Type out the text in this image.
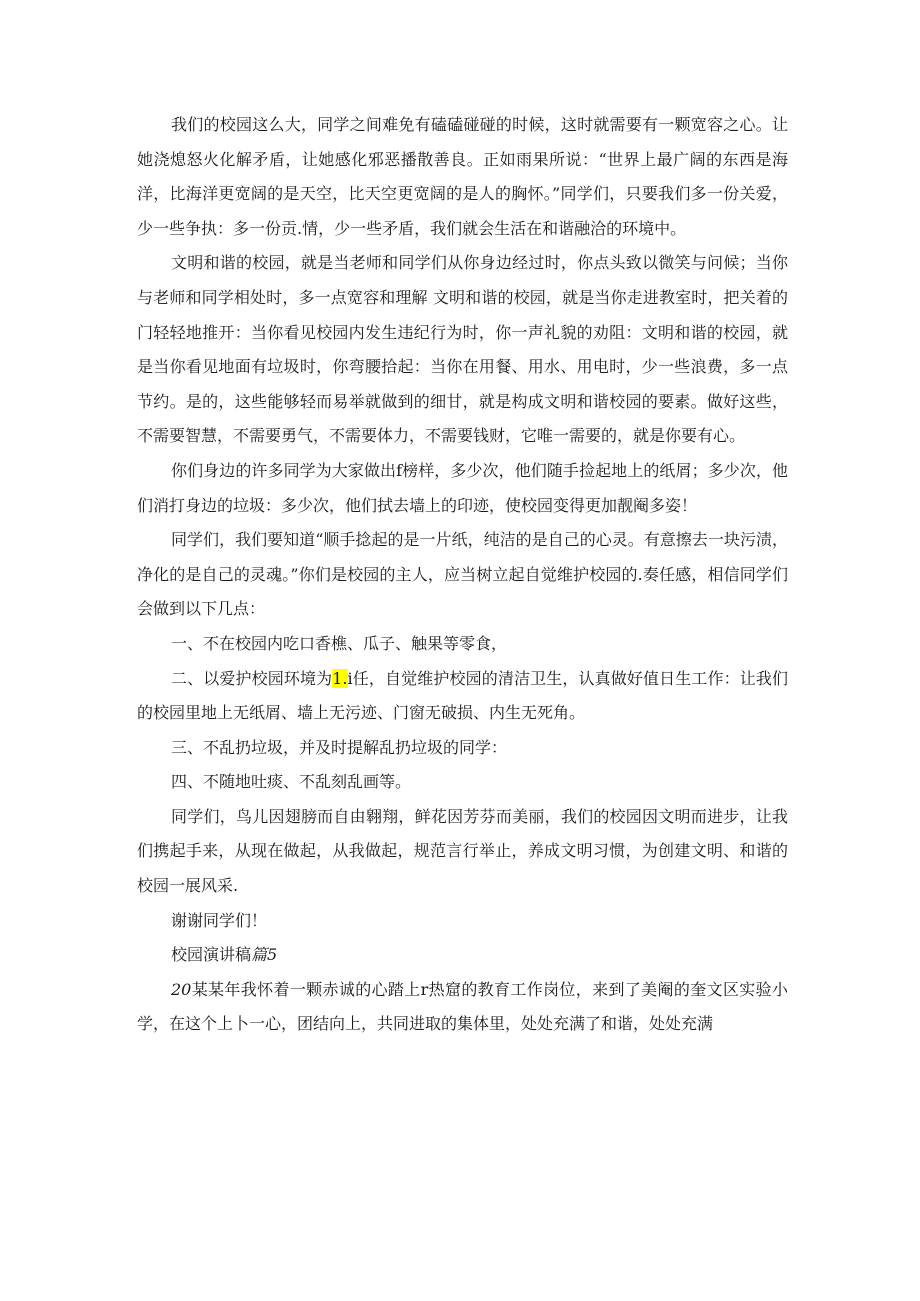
我们的校园这么大，同学之间难免有磕磕碰碰的时候，这时就需要有一颗宽容之心。让她浇熄怒火化解矛盾，让她感化邪恶播散善良。正如雨果所说：“世界上最广阔的东西是海洋，比海洋更宽阔的是天空，比天空更宽阔的是人的胸怀。”同学们，只要我们多一份关爱，少一些争执：多一份贡.情，少一些矛盾，我们就会生活在和谐融洽的环境中。

文明和谐的校园，就是当老师和同学们从你身边经过时，你点头致以微笑与问候；当你与老师和同学相处时，多一点宽容和理解 文明和谐的校园，就是当你走进教室时，把关着的门轻轻地推开：当你看见校园内发生违纪行为时，你一声礼貌的劝阻：文明和谐的校园，就是当你看见地面有垃圾时，你弯腰拾起：当你在用餐、用水、用电时，少一些浪费，多一点节约。是的，这些能够轻而易举就做到的细甘，就是构成文明和谐校园的要素。做好这些，不需要智慧，不需要勇气，不需要体力，不需要钱财，它唯一需要的，就是你要有心。

你们身边的许多同学为大家做出f榜样，多少次，他们随手捡起地上的纸屑；多少次，他们消打身边的垃圾：多少次，他们拭去墙上的印迹，使校园变得更加靓阉多姿！

同学们，我们要知道“顺手捻起的是一片纸，纯洁的是自己的心灵。有意擦去一块污渍，净化的是自己的灵魂。”你们是校园的主人，应当树立起自觉维护校园的.奏任感，相信同学们会做到以下几点：

一、不在校园内吃口香樵、瓜子、触果等零食，

二、以爱护校园环境为1.i任，自觉维护校园的清洁卫生，认真做好值日生工作：让我们的校园里地上无纸屑、墙上无污迹、门窗无破损、内生无死角。

三、不乱扔垃圾，并及时提解乱扔垃圾的同学：

四、不随地吐痰、不乱刻乱画等。

同学们，鸟儿因翅膀而自由翱翔，鲜花因芳芬而美丽，我们的校园因文明而进步，让我们携起手来，从现在做起，从我做起，规范言行举止，养成文明习惯，为创建文明、和谐的校园一展风采.

谢谢同学们！

校园演讲稿篇5

20某某年我怀着一颗赤诚的心踏上r热窟的教育工作岗位，来到了美阉的奎文区实验小学，在这个上卜一心，团结向上，共同进取的集体里，处处充满了和谐，处处充满
